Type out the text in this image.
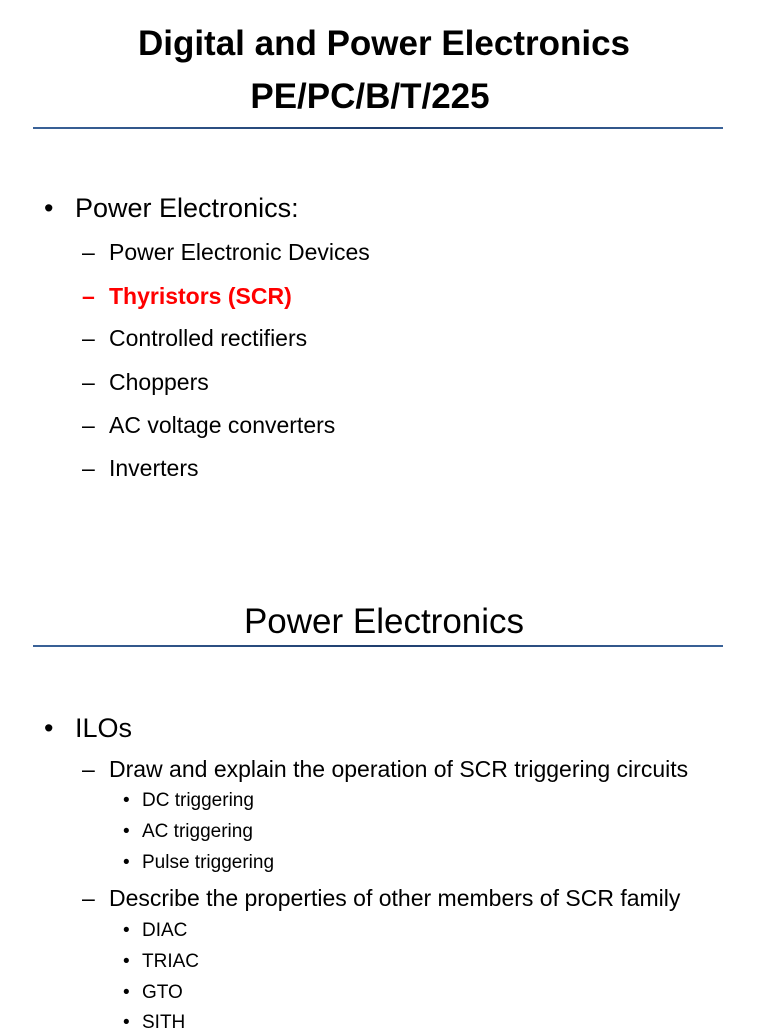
Digital and Power Electronics
PE/PC/B/T/225
• Power Electronics:
– Power Electronic Devices
– Thyristors (SCR)
– Controlled rectifiers
– Choppers
– AC voltage converters
– Inverters
Power Electronics
• ILOs
– Draw and explain the operation of SCR triggering circuits
• DC triggering
• AC triggering
• Pulse triggering
– Describe the properties of other members of SCR family
• DIAC
• TRIAC
• GTO
• SITH
